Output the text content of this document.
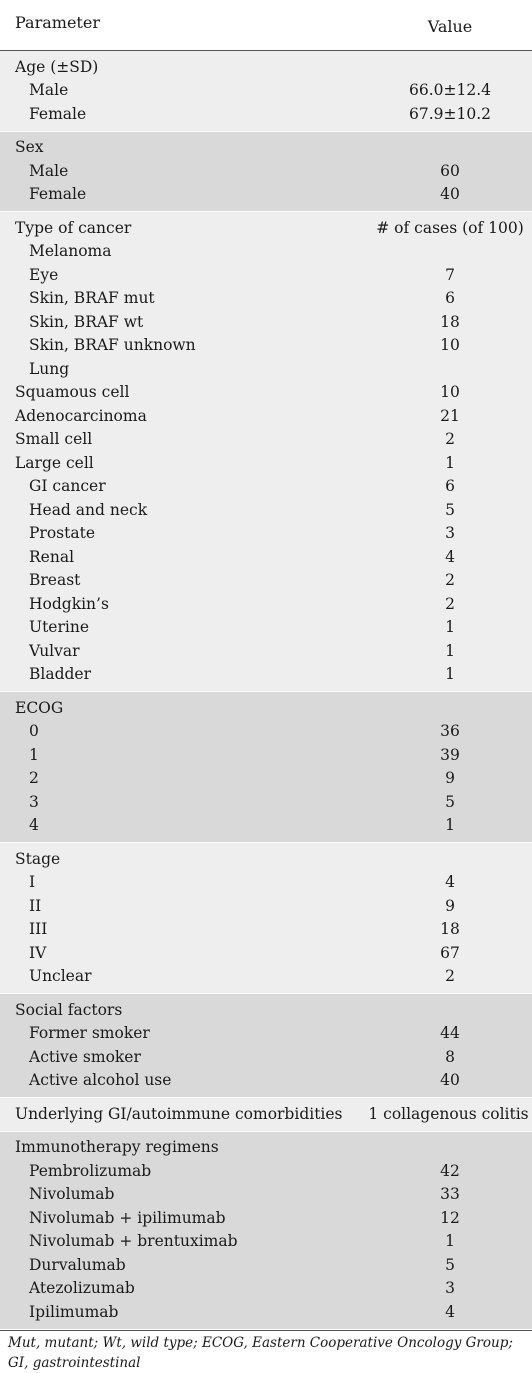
Parameter	Value
Age (±SD)
Male	66.0±12.4
Female	67.9±10.2
Sex
Male	60
Female	40
Type of cancer	# of cases (of 100)
Melanoma
Eye	7
Skin, BRAF mut	6
Skin, BRAF wt	18
Skin, BRAF unknown	10
Lung
Squamous cell	10
Adenocarcinoma	21
Small cell	2
Large cell	1
GI cancer	6
Head and neck	5
Prostate	3
Renal	4
Breast	2
Hodgkin’s	2
Uterine	1
Vulvar	1
Bladder	1
ECOG
0	36
1	39
2	9
3	5
4	1
Stage
I	4
II	9
III	18
IV	67
Unclear	2
Social factors
Former smoker	44
Active smoker	8
Active alcohol use	40
Underlying GI/autoimmune comorbidities	1 collagenous colitis
Immunotherapy regimens
Pembrolizumab	42
Nivolumab	33
Nivolumab + ipilimumab	12
Nivolumab + brentuximab	1
Durvalumab	5
Atezolizumab	3
Ipilimumab	4
Mut, mutant; Wt, wild type; ECOG, Eastern Cooperative Oncology Group; GI, gastrointestinal
